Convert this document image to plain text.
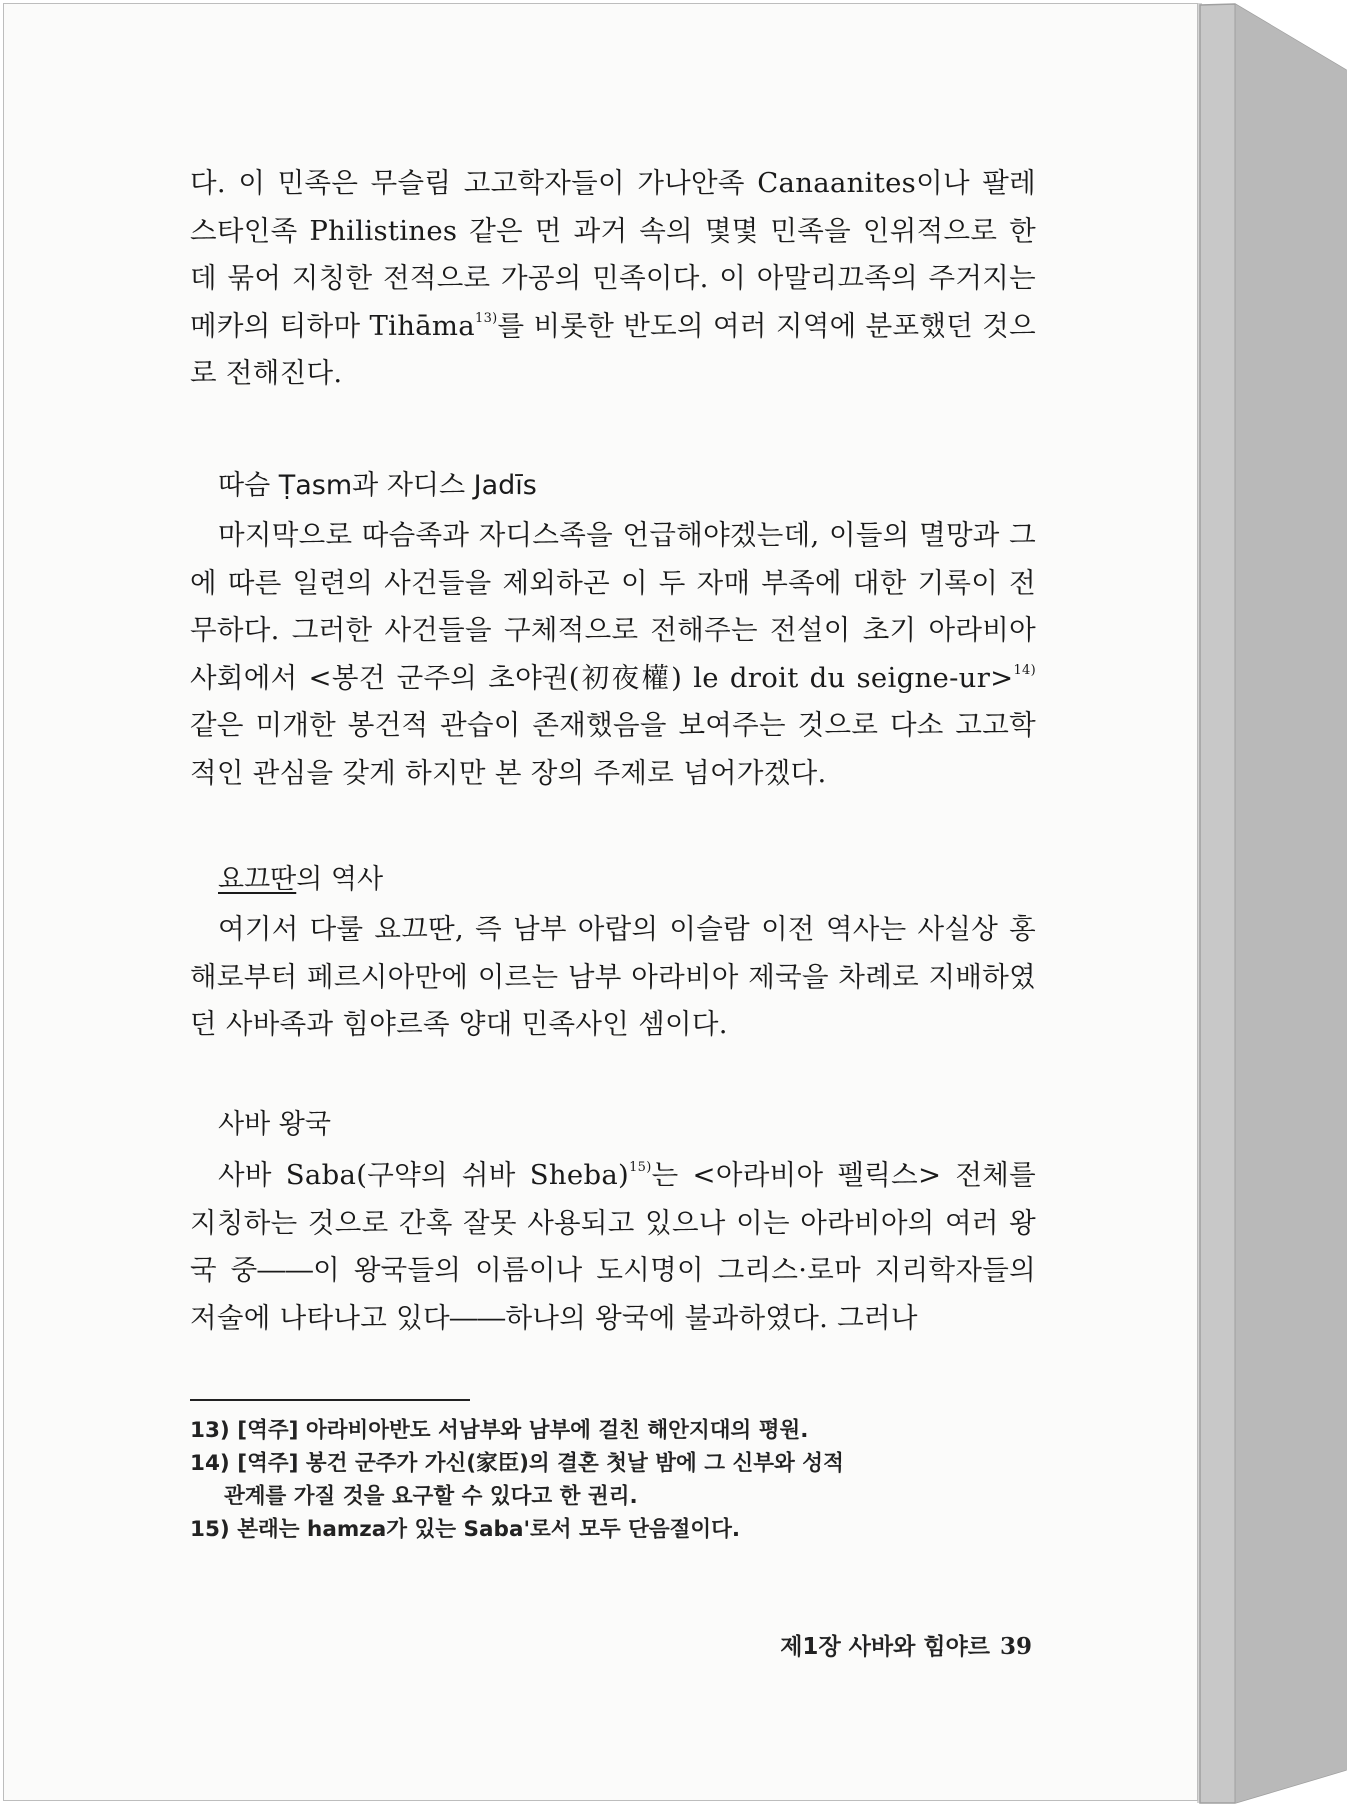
다. 이 민족은 무슬림 고고학자들이 가나안족 Canaanites이나 팔레스타인족 Philistines 같은 먼 과거 속의 몇몇 민족을 인위적으로 한데 묶어 지칭한 전적으로 가공의 민족이다. 이 아말리끄족의 주거지는 메카의 티하마 Tihāma$^{13)}$를 비롯한 반도의 여러 지역에 분포했던 것으로 전해진다.

따슴 Ṭasm과 자디스 Jadīs

마지막으로 따슴족과 자디스족을 언급해야겠는데, 이들의 멸망과 그에 따른 일련의 사건들을 제외하곤 이 두 자매 부족에 대한 기록이 전무하다. 그러한 사건들을 구체적으로 전해주는 전설이 초기 아라비아 사회에서 <봉건 군주의 초야권(初夜權) le droit du seigne-ur>$^{14)}$같은 미개한 봉건적 관습이 존재했음을 보여주는 것으로 다소 고고학적인 관심을 갖게 하지만 본 장의 주제로 넘어가겠다.

요끄딴의 역사

여기서 다룰 요끄딴, 즉 남부 아랍의 이슬람 이전 역사는 사실상 홍해로부터 페르시아만에 이르는 남부 아라비아 제국을 차례로 지배하였던 사바족과 힘야르족 양대 민족사인 셈이다.

사바 왕국

사바 Saba(구약의 쉬바 Sheba)$^{15)}$는 <아라비아 펠릭스> 전체를 지칭하는 것으로 간혹 잘못 사용되고 있으나 이는 아라비아의 여러 왕국 중――이 왕국들의 이름이나 도시명이 그리스·로마 지리학자들의 저술에 나타나고 있다――하나의 왕국에 불과하였다. 그러나

13) [역주] 아라비아반도 서남부와 남부에 걸친 해안지대의 평원.

14) [역주] 봉건 군주가 가신(家臣)의 결혼 첫날 밤에 그 신부와 성적
관계를 가질 것을 요구할 수 있다고 한 권리.

15) 본래는 hamza가 있는 Saba'로서 모두 단음절이다.

제1장 사바와 힘야르 39
